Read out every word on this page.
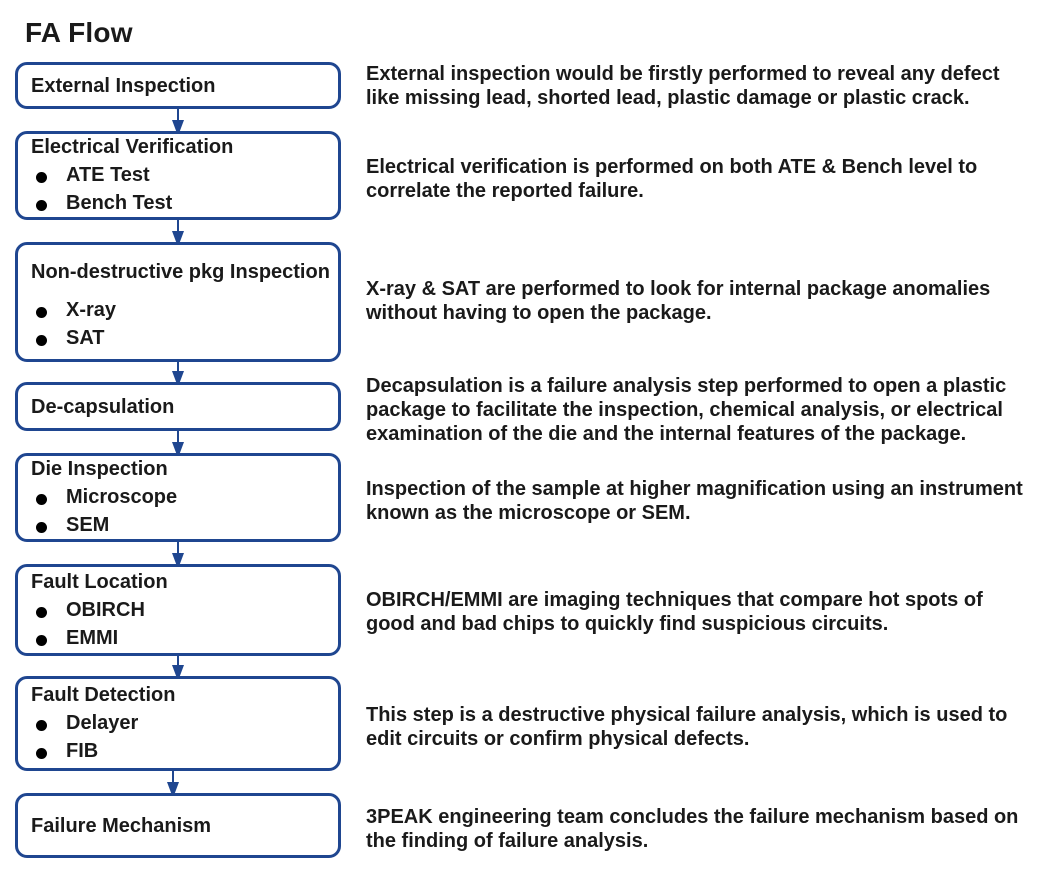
FA Flow
External Inspection
External inspection would be firstly performed to reveal any defect like missing lead, shorted lead, plastic damage or plastic crack.
Electrical Verification
ATE Test
Bench Test
Electrical verification is performed on both ATE & Bench level to correlate the reported failure.
Non-destructive pkg Inspection
X-ray
SAT
X-ray & SAT are performed to look for internal package anomalies without having to open the package.
De-capsulation
Decapsulation is a failure analysis step performed to open a plastic package to facilitate the inspection, chemical analysis, or electrical examination of the die and the internal features of the package.
Die Inspection
Microscope
SEM
Inspection of the sample at higher magnification using an instrument known as the microscope or SEM.
Fault Location
OBIRCH
EMMI
OBIRCH/EMMI are imaging techniques that compare hot spots of good and bad chips to quickly find suspicious circuits.
Fault Detection
Delayer
FIB
This step is a destructive physical failure analysis, which is used to edit circuits or confirm physical defects.
Failure Mechanism	3PEAK engineering team concludes the failure mechanism based on the finding of failure analysis.
